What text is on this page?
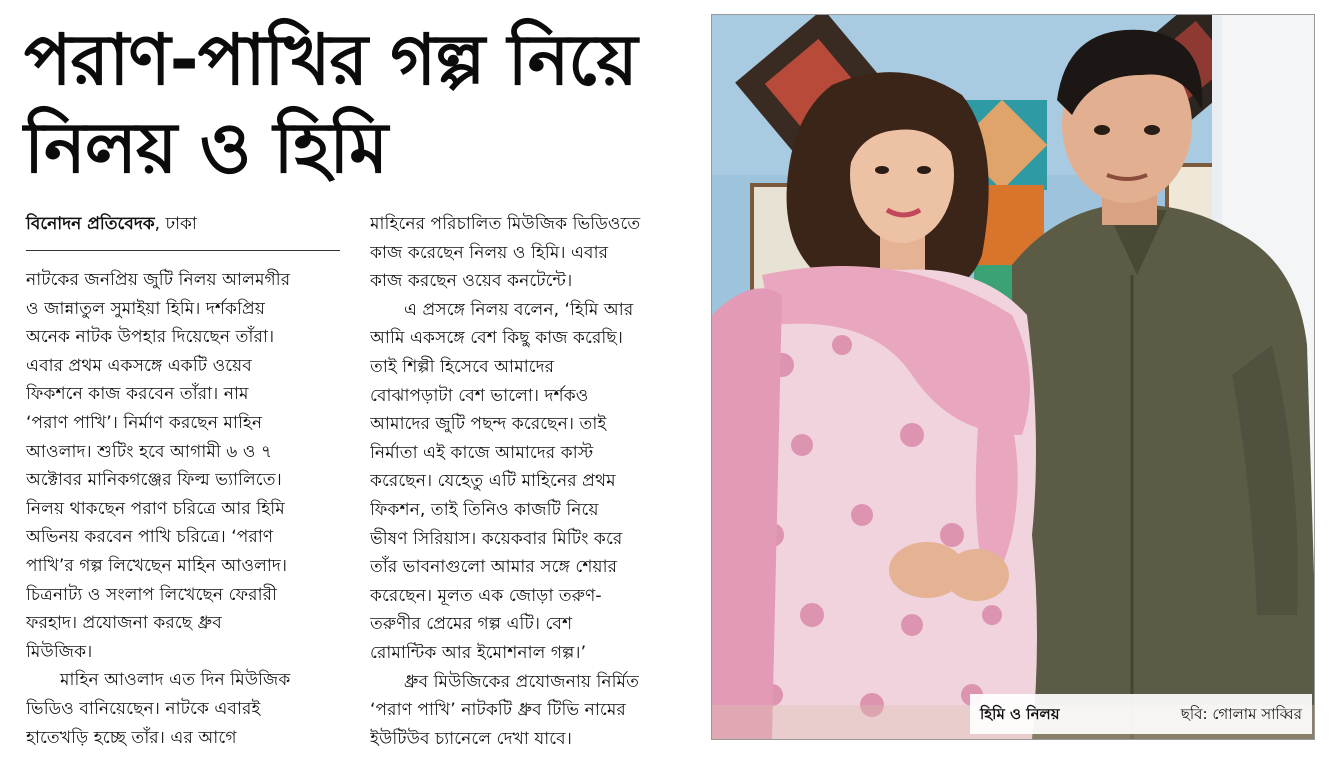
পরাণ-পাখির গল্প নিয়ে
নিলয় ও হিমি
বিনোদন প্রতিবেদক, ঢাকা
নাটকের জনপ্রিয় জুটি নিলয় আলমগীর
ও জান্নাতুল সুমাইয়া হিমি। দর্শকপ্রিয়
অনেক নাটক উপহার দিয়েছেন তাঁরা।
এবার প্রথম একসঙ্গে একটি ওয়েব
ফিকশনে কাজ করবেন তাঁরা। নাম
‘পরাণ পাখি’। নির্মাণ করছেন মাহিন
আওলাদ। শুটিং হবে আগামী ৬ ও ৭
অক্টোবর মানিকগঞ্জের ফিল্ম ভ্যালিতে।
নিলয় থাকছেন পরাণ চরিত্রে আর হিমি
অভিনয় করবেন পাখি চরিত্রে। ‘পরাণ
পাখি’র গল্প লিখেছেন মাহিন আওলাদ।
চিত্রনাট্য ও সংলাপ লিখেছেন ফেরারী
ফরহাদ। প্রযোজনা করছে ধ্রুব
মিউজিক।
মাহিন আওলাদ এত দিন মিউজিক
ভিডিও বানিয়েছেন। নাটকে এবারই
হাতেখড়ি হচ্ছে তাঁর। এর আগে
মাহিনের পরিচালিত মিউজিক ভিডিওতে
কাজ করেছেন নিলয় ও হিমি। এবার
কাজ করছেন ওয়েব কনটেন্টে।
এ প্রসঙ্গে নিলয় বলেন, ‘হিমি আর
আমি একসঙ্গে বেশ কিছু কাজ করেছি।
তাই শিল্পী হিসেবে আমাদের
বোঝাপড়াটা বেশ ভালো। দর্শকও
আমাদের জুটি পছন্দ করেছেন। তাই
নির্মাতা এই কাজে আমাদের কাস্ট
করেছেন। যেহেতু এটি মাহিনের প্রথম
ফিকশন, তাই তিনিও কাজটি নিয়ে
ভীষণ সিরিয়াস। কয়েকবার মিটিং করে
তাঁর ভাবনাগুলো আমার সঙ্গে শেয়ার
করেছেন। মূলত এক জোড়া তরুণ-
তরুণীর প্রেমের গল্প এটি। বেশ
রোমান্টিক আর ইমোশনাল গল্প।’
ধ্রুব মিউজিকের প্রযোজনায় নির্মিত
‘পরাণ পাখি’ নাটকটি ধ্রুব টিভি নামের
ইউটিউব চ্যানেলে দেখা যাবে।
হিমি ও নিলয়	ছবি: গোলাম সাব্বির
